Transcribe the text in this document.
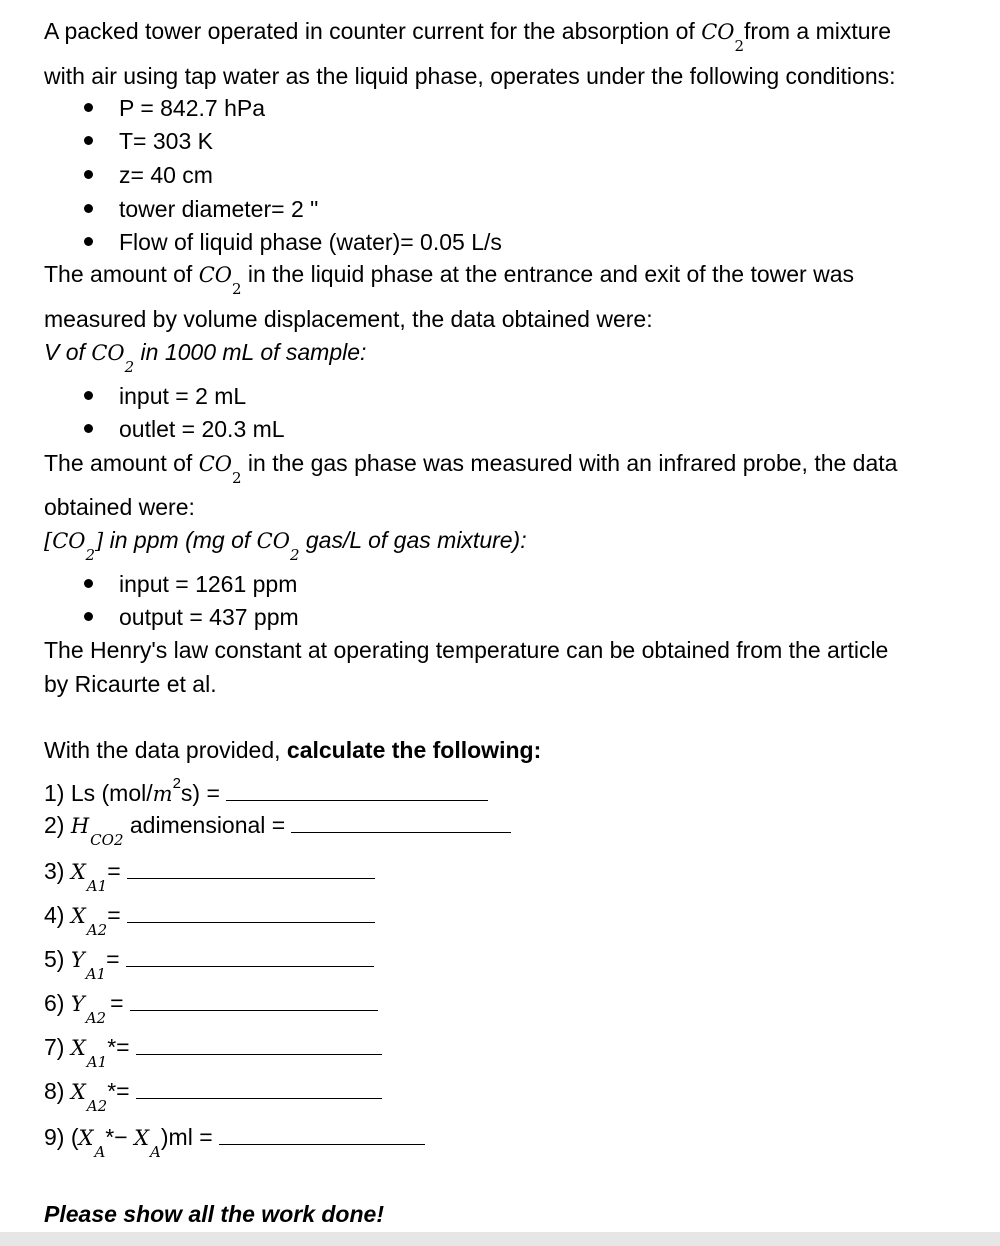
A packed tower operated in counter current for the absorption of $CO_2from$ a mixture
with air using tap water as the liquid phase, operates under the following conditions:
P = 842.7 hPa
T= 303 K
z= 40 cm
tower diameter= 2 "
Flow of liquid phase (water)= 0.05 L/s
The amount of $CO_2$ in the liquid phase at the entrance and exit of the tower was
measured by volume displacement, the data obtained were:
V of $CO_2$ in 1000 mL of sample:
input = 2 mL
outlet = 20.3 mL
The amount of $CO_2$ in the gas phase was measured with an infrared probe, the data
obtained were:
$[CO_2]$ in ppm (mg of $CO_2$ gas/L of gas mixture):
input = 1261 ppm
output = 437 ppm
The Henry's law constant at operating temperature can be obtained from the article
by Ricaurte et al.
With the data provided, calculate the following:
1) Ls $(mol/m^2s)$ =
2) $H_{CO2}$ adimensional =
3) $X_{A1}=$
4) $X_{A2}=$
5) $Y_{A1}=$
6) $Y_{A2}=$
7) $X_{A1}*=$
8) $X_{A2}*=$
9) $(X_A*- X_A)ml$ =
Please show all the work done!
